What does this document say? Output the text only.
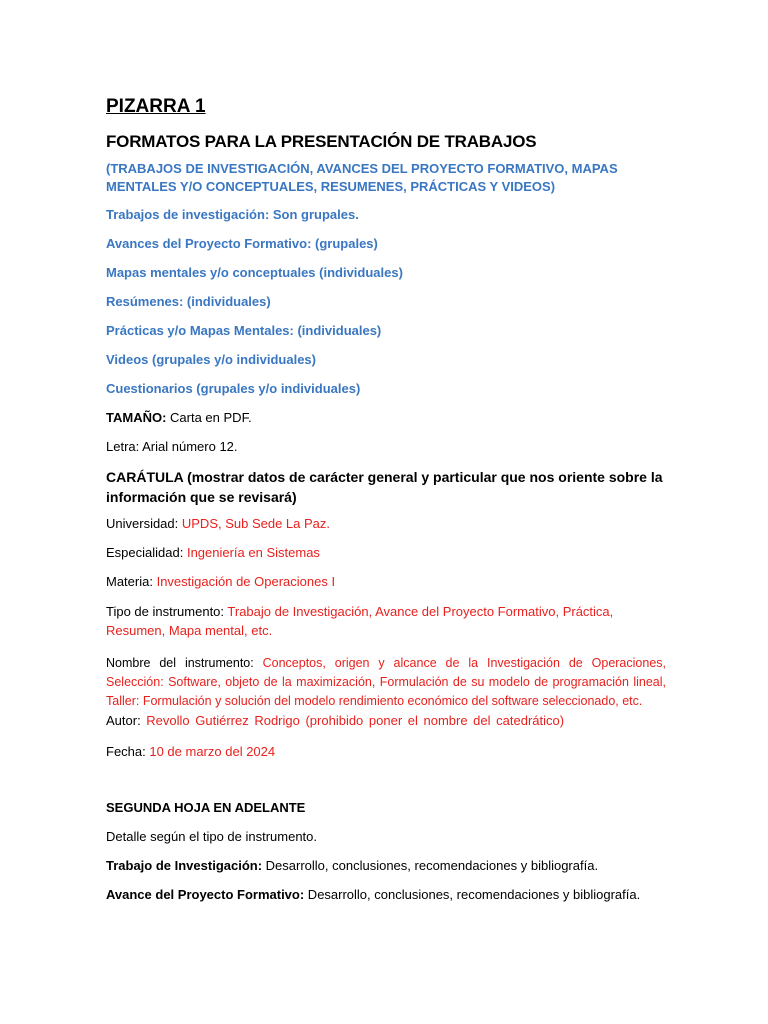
PIZARRA 1
FORMATOS PARA LA PRESENTACIÓN DE TRABAJOS
(TRABAJOS DE INVESTIGACIÓN, AVANCES DEL PROYECTO FORMATIVO, MAPAS MENTALES Y/O CONCEPTUALES, RESUMENES, PRÁCTICAS Y VIDEOS)
Trabajos de investigación: Son grupales.
Avances del Proyecto Formativo: (grupales)
Mapas mentales y/o conceptuales (individuales)
Resúmenes: (individuales)
Prácticas y/o Mapas Mentales: (individuales)
Videos (grupales y/o individuales)
Cuestionarios (grupales y/o individuales)
TAMAÑO: Carta en PDF.
Letra: Arial número 12.
CARÁTULA (mostrar datos de carácter general y particular que nos oriente sobre la información que se revisará)
Universidad: UPDS, Sub Sede La Paz.
Especialidad: Ingeniería en Sistemas
Materia: Investigación de Operaciones I
Tipo de instrumento: Trabajo de Investigación, Avance del Proyecto Formativo, Práctica, Resumen, Mapa mental, etc.
Nombre del instrumento: Conceptos, origen y alcance de la Investigación de Operaciones, Selección: Software, objeto de la maximización, Formulación de su modelo de programación lineal, Taller: Formulación y solución del modelo rendimiento económico del software seleccionado, etc.
Autor: Revollo Gutiérrez Rodrigo (prohibido poner el nombre del catedrático)
Fecha: 10 de marzo del 2024
SEGUNDA HOJA EN ADELANTE
Detalle según el tipo de instrumento.
Trabajo de Investigación: Desarrollo, conclusiones, recomendaciones y bibliografía.
Avance del Proyecto Formativo: Desarrollo, conclusiones, recomendaciones y bibliografía.
